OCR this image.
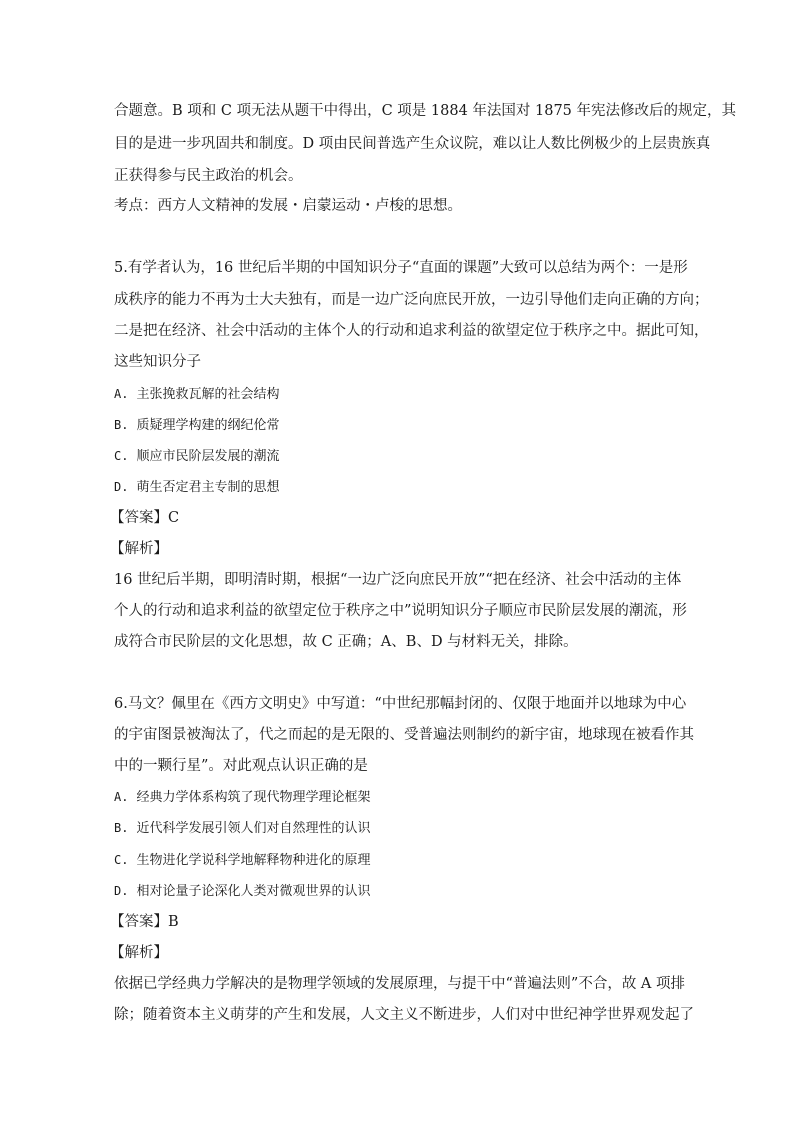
合题意。B 项和 C 项无法从题干中得出，C 项是 1884 年法国对 1875 年宪法修改后的规定，其
目的是进一步巩固共和制度。D 项由民间普选产生众议院，难以让人数比例极少的上层贵族真
正获得参与民主政治的机会。
考点：西方人文精神的发展・启蒙运动・卢梭的思想。
5.有学者认为，16 世纪后半期的中国知识分子“直面的课题”大致可以总结为两个：一是形
成秩序的能力不再为士大夫独有，而是一边广泛向庶民开放，一边引导他们走向正确的方向；
二是把在经济、社会中活动的主体个人的行动和追求利益的欲望定位于秩序之中。据此可知，
这些知识分子
A. 主张挽救瓦解的社会结构
B. 质疑理学构建的纲纪伦常
C. 顺应市民阶层发展的潮流
D. 萌生否定君主专制的思想
【答案】C
【解析】
16 世纪后半期，即明清时期，根据“一边广泛向庶民开放”“把在经济、社会中活动的主体
个人的行动和追求利益的欲望定位于秩序之中”说明知识分子顺应市民阶层发展的潮流，形
成符合市民阶层的文化思想，故 C 正确；A、B、D 与材料无关，排除。
6.马文？佩里在《西方文明史》中写道：“中世纪那幅封闭的、仅限于地面并以地球为中心
的宇宙图景被淘汰了，代之而起的是无限的、受普遍法则制约的新宇宙，地球现在被看作其
中的一颗行星”。对此观点认识正确的是
A. 经典力学体系构筑了现代物理学理论框架
B. 近代科学发展引领人们对自然理性的认识
C. 生物进化学说科学地解释物种进化的原理
D. 相对论量子论深化人类对微观世界的认识
【答案】B
【解析】
依据已学经典力学解决的是物理学领域的发展原理，与提干中“普遍法则”不合，故 A 项排
除；随着资本主义萌芽的产生和发展，人文主义不断进步，人们对中世纪神学世界观发起了
